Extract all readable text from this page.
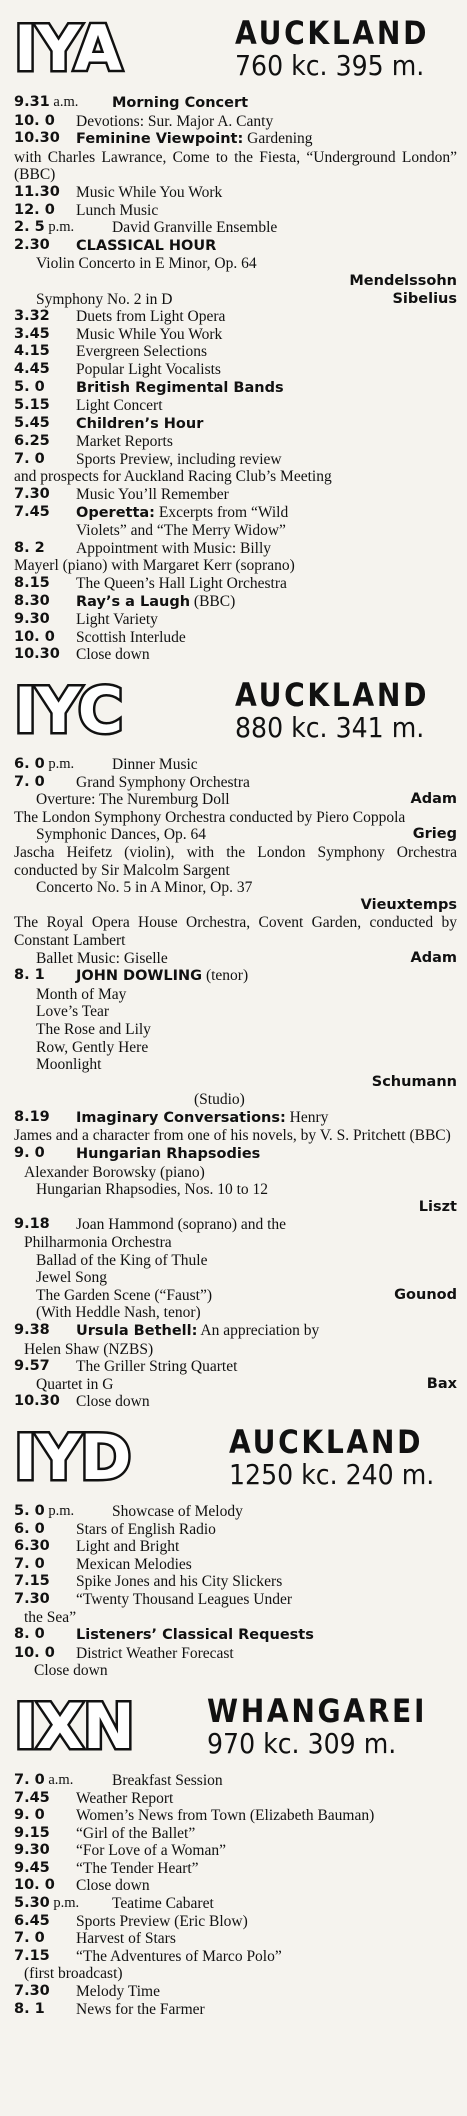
IYA	AUCKLAND
760 kc. 395 m.
9.31 a.m. Morning Concert
10. 0 Devotions: Sur. Major A. Canty
10.30 Feminine Viewpoint: Gardening
with Charles Lawrance, Come to the Fiesta, “Underground London” (BBC)
11.30 Music While You Work
12. 0 Lunch Music
2. 5 p.m. David Granville Ensemble
2.30 CLASSICAL HOUR
Violin Concerto in E Minor, Op. 64
Mendelssohn
Sibelius
Symphony No. 2 in D
3.32 Duets from Light Opera
3.45 Music While You Work
4.15 Evergreen Selections
4.45 Popular Light Vocalists
5. 0 British Regimental Bands
5.15 Light Concert
5.45 Children’s Hour
6.25 Market Reports
7. 0 Sports Preview, including review
and prospects for Auckland Racing Club’s Meeting
7.30 Music You’ll Remember
7.45 Operetta: Excerpts from “Wild
Violets” and “The Merry Widow”
8. 2 Appointment with Music: Billy
Mayerl (piano) with Margaret Kerr (soprano)
8.15 The Queen’s Hall Light Orchestra
8.30 Ray’s a Laugh (BBC)
9.30 Light Variety
10. 0 Scottish Interlude
10.30 Close down
IYC	AUCKLAND
880 kc. 341 m.
6. 0 p.m. Dinner Music
7. 0 Grand Symphony Orchestra
Adam
Overture: The Nuremburg Doll
The London Symphony Orchestra conducted by Piero Coppola
Grieg
Symphonic Dances, Op. 64
Jascha Heifetz (violin), with the London Symphony Orchestra conducted by Sir Malcolm Sargent
Concerto No. 5 in A Minor, Op. 37
Vieuxtemps
The Royal Opera House Orchestra, Covent Garden, conducted by Constant Lambert
Adam
Ballet Music: Giselle
8. 1 JOHN DOWLING (tenor)
Month of May
Love’s Tear
The Rose and Lily
Row, Gently Here
Moonlight
Schumann
(Studio)
8.19 Imaginary Conversations: Henry
James and a character from one of his novels, by V. S. Pritchett (BBC)
9. 0 Hungarian Rhapsodies
Alexander Borowsky (piano)
Hungarian Rhapsodies, Nos. 10 to 12
Liszt
9.18 Joan Hammond (soprano) and the
Philharmonia Orchestra
Ballad of the King of Thule
Jewel Song
Gounod
The Garden Scene (“Faust”)
(With Heddle Nash, tenor)
9.38 Ursula Bethell: An appreciation by
Helen Shaw (NZBS)
9.57 The Griller String Quartet
Bax
Quartet in G
10.30 Close down
IYD	AUCKLAND
1250 kc. 240 m.
5. 0 p.m. Showcase of Melody
6. 0 Stars of English Radio
6.30 Light and Bright
7. 0 Mexican Melodies
7.15 Spike Jones and his City Slickers
7.30 “Twenty Thousand Leagues Under
the Sea”
8. 0 Listeners’ Classical Requests
10. 0 District Weather Forecast
Close down
IXN	WHANGAREI
970 kc. 309 m.
7. 0 a.m. Breakfast Session
7.45 Weather Report
9. 0 Women’s News from Town (Elizabeth Bauman)
9.15 “Girl of the Ballet”
9.30 “For Love of a Woman”
9.45 “The Tender Heart”
10. 0 Close down
5.30 p.m. Teatime Cabaret
6.45 Sports Preview (Eric Blow)
7. 0 Harvest of Stars
7.15 “The Adventures of Marco Polo”
(first broadcast)
7.30 Melody Time
8. 1 News for the Farmer
